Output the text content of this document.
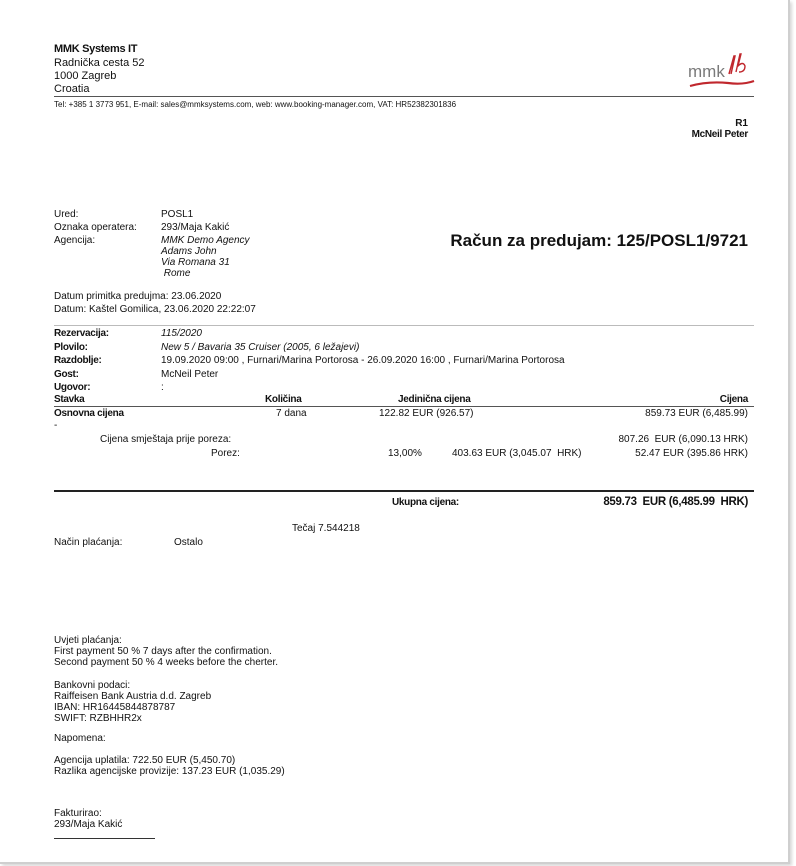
MMK Systems IT
Radnička cesta 52
1000 Zagreb
Croatia
mmk
Tel: +385 1 3773 951, E-mail: sales@mmksystems.com, web: www.booking-manager.com, VAT: HR52382301836
R1
McNeil Peter
Ured:	POSL1
Oznaka operatera: 293/Maja Kakić
Agencija:	MMK Demo Agency
Adams John
Via Romana 31
Rome
Račun za predujam: 125/POSL1/9721
Datum primitka predujma: 23.06.2020
Datum: Kaštel Gomilica, 23.06.2020 22:22:07
Rezervacija:	115/2020
Plovilo:	New 5 / Bavaria 35 Cruiser (2005, 6 ležajevi)
Razdoblje:	19.09.2020 09:00 , Furnari/Marina Portorosa - 26.09.2020 16:00 , Furnari/Marina Portorosa
Gost:	McNeil Peter
Ugovor:	:
Stavka	Količina	Jedinična cijena	Cijena
Osnovna cijena	7 dana	122.82 EUR (926.57)	859.73 EUR (6,485.99)
-
Cijena smještaja prije poreza:	807.26  EUR (6,090.13 HRK)
Porez:	13,00%	403.63 EUR (3,045.07  HRK)	52.47 EUR (395.86 HRK)
Ukupna cijena:	859.73  EUR (6,485.99  HRK)
Tečaj 7.544218
Način plaćanja:	Ostalo
Uvjeti plaćanja:
First payment 50 % 7 days after the confirmation.
Second payment 50 % 4 weeks before the cherter.
Bankovni podaci:
Raiffeisen Bank Austria d.d. Zagreb
IBAN: HR16445844878787
SWIFT: RZBHHR2x
Napomena:
Agencija uplatila: 722.50 EUR (5,450.70)
Razlika agencijske provizije: 137.23 EUR (1,035.29)
Fakturirao:
293/Maja Kakić
